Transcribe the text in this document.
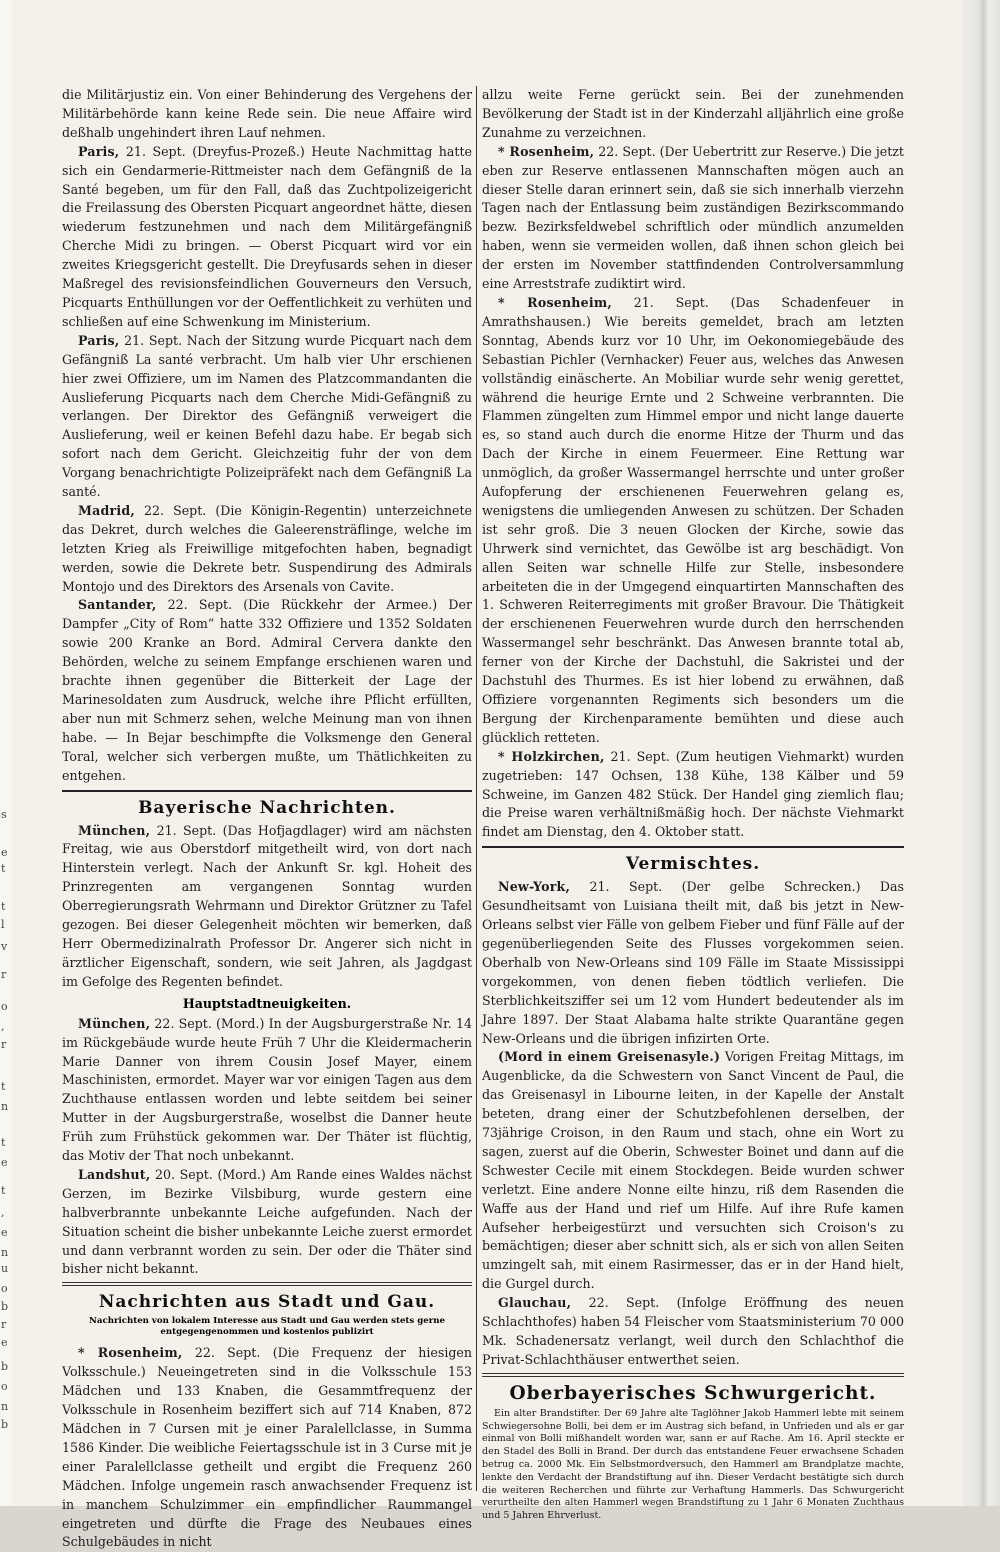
s
e
t
t
l
v
r
o
,
r
t
n
t
e
t
,
e
n
u
o
b
r
e
b
o
n
b

die Militärjustiz ein. Von einer Behinderung des Vergehens der Militärbehörde kann keine Rede sein. Die neue Affaire wird deßhalb ungehindert ihren Lauf nehmen.

Paris, 21. Sept. (Dreyfus-Prozeß.) Heute Nachmittag hatte sich ein Gendarmerie-Rittmeister nach dem Gefängniß de la Santé begeben, um für den Fall, daß das Zuchtpolizeigericht die Freilassung des Obersten Picquart angeordnet hätte, diesen wiederum festzunehmen und nach dem Militärgefängniß Cherche Midi zu bringen. — Oberst Picquart wird vor ein zweites Kriegsgericht gestellt. Die Dreyfusards sehen in dieser Maßregel des revisionsfeindlichen Gouverneurs den Versuch, Picquarts Enthüllungen vor der Oeffentlichkeit zu verhüten und schließen auf eine Schwenkung im Ministerium.

Paris, 21. Sept. Nach der Sitzung wurde Picquart nach dem Gefängniß La santé verbracht. Um halb vier Uhr erschienen hier zwei Offiziere, um im Namen des Platzcommandanten die Auslieferung Picquarts nach dem Cherche Midi-Gefängniß zu verlangen. Der Direktor des Gefängniß verweigert die Auslieferung, weil er keinen Befehl dazu habe. Er begab sich sofort nach dem Gericht. Gleichzeitig fuhr der von dem Vorgang benachrichtigte Polizeipräfekt nach dem Gefängniß La santé.

Madrid, 22. Sept. (Die Königin-Regentin) unterzeichnete das Dekret, durch welches die Galeerensträflinge, welche im letzten Krieg als Freiwillige mitgefochten haben, begnadigt werden, sowie die Dekrete betr. Suspendirung des Admirals Montojo und des Direktors des Arsenals von Cavite.

Santander, 22. Sept. (Die Rückkehr der Armee.) Der Dampfer „City of Rom“ hatte 332 Offiziere und 1352 Soldaten sowie 200 Kranke an Bord. Admiral Cervera dankte den Behörden, welche zu seinem Empfange erschienen waren und brachte ihnen gegenüber die Bitterkeit der Lage der Marinesoldaten zum Ausdruck, welche ihre Pflicht erfüllten, aber nun mit Schmerz sehen, welche Meinung man von ihnen habe. — In Bejar beschimpfte die Volksmenge den General Toral, welcher sich verbergen mußte, um Thätlichkeiten zu entgehen.

Bayerische Nachrichten.

München, 21. Sept. (Das Hofjagdlager) wird am nächsten Freitag, wie aus Oberstdorf mitgetheilt wird, von dort nach Hinterstein verlegt. Nach der Ankunft Sr. kgl. Hoheit des Prinzregenten am vergangenen Sonntag wurden Oberregierungsrath Wehrmann und Direktor Grützner zu Tafel gezogen. Bei dieser Gelegenheit möchten wir bemerken, daß Herr Obermedizinalrath Professor Dr. Angerer sich nicht in ärztlicher Eigenschaft, sondern, wie seit Jahren, als Jagdgast im Gefolge des Regenten befindet.

Hauptstadtneuigkeiten.

München, 22. Sept. (Mord.) In der Augsburgerstraße Nr. 14 im Rückgebäude wurde heute Früh 7 Uhr die Kleidermacherin Marie Danner von ihrem Cousin Josef Mayer, einem Maschinisten, ermordet. Mayer war vor einigen Tagen aus dem Zuchthause entlassen worden und lebte seitdem bei seiner Mutter in der Augsburgerstraße, woselbst die Danner heute Früh zum Frühstück gekommen war. Der Thäter ist flüchtig, das Motiv der That noch unbekannt.

Landshut, 20. Sept. (Mord.) Am Rande eines Waldes nächst Gerzen, im Bezirke Vilsbiburg, wurde gestern eine halbverbrannte unbekannte Leiche aufgefunden. Nach der Situation scheint die bisher unbekannte Leiche zuerst ermordet und dann verbrannt worden zu sein. Der oder die Thäter sind bisher nicht bekannt.

Nachrichten aus Stadt und Gau.
Nachrichten von lokalem Interesse aus Stadt und Gau werden stets gerne entgegengenommen und kostenlos publizirt

* Rosenheim, 22. Sept. (Die Frequenz der hiesigen Volksschule.) Neueingetreten sind in die Volksschule 153 Mädchen und 133 Knaben, die Gesammtfrequenz der Volksschule in Rosenheim beziffert sich auf 714 Knaben, 872 Mädchen in 7 Cursen mit je einer Paralellclasse, in Summa 1586 Kinder. Die weibliche Feiertagsschule ist in 3 Curse mit je einer Paralellclasse getheilt und ergibt die Frequenz 260 Mädchen. Infolge ungemein rasch anwachsender Frequenz ist in manchem Schulzimmer ein empfindlicher Raummangel eingetreten und dürfte die Frage des Neubaues eines Schulgebäudes in nicht

allzu weite Ferne gerückt sein. Bei der zunehmenden Bevölkerung der Stadt ist in der Kinderzahl alljährlich eine große Zunahme zu verzeichnen.

* Rosenheim, 22. Sept. (Der Uebertritt zur Reserve.) Die jetzt eben zur Reserve entlassenen Mannschaften mögen auch an dieser Stelle daran erinnert sein, daß sie sich innerhalb vierzehn Tagen nach der Entlassung beim zuständigen Bezirkscommando bezw. Bezirksfeldwebel schriftlich oder mündlich anzumelden haben, wenn sie vermeiden wollen, daß ihnen schon gleich bei der ersten im November stattfindenden Controlversammlung eine Arreststrafe zudiktirt wird.

* Rosenheim, 21. Sept. (Das Schadenfeuer in Amrathshausen.) Wie bereits gemeldet, brach am letzten Sonntag, Abends kurz vor 10 Uhr, im Oekonomiegebäude des Sebastian Pichler (Vernhacker) Feuer aus, welches das Anwesen vollständig einäscherte. An Mobiliar wurde sehr wenig gerettet, während die heurige Ernte und 2 Schweine verbrannten. Die Flammen züngelten zum Himmel empor und nicht lange dauerte es, so stand auch durch die enorme Hitze der Thurm und das Dach der Kirche in einem Feuermeer. Eine Rettung war unmöglich, da großer Wassermangel herrschte und unter großer Aufopferung der erschienenen Feuerwehren gelang es, wenigstens die umliegenden Anwesen zu schützen. Der Schaden ist sehr groß. Die 3 neuen Glocken der Kirche, sowie das Uhrwerk sind vernichtet, das Gewölbe ist arg beschädigt. Von allen Seiten war schnelle Hilfe zur Stelle, insbesondere arbeiteten die in der Umgegend einquartirten Mannschaften des 1. Schweren Reiterregiments mit großer Bravour. Die Thätigkeit der erschienenen Feuerwehren wurde durch den herrschenden Wassermangel sehr beschränkt. Das Anwesen brannte total ab, ferner von der Kirche der Dachstuhl, die Sakristei und der Dachstuhl des Thurmes. Es ist hier lobend zu erwähnen, daß Offiziere vorgenannten Regiments sich besonders um die Bergung der Kirchenparamente bemühten und diese auch glücklich retteten.

* Holzkirchen, 21. Sept. (Zum heutigen Viehmarkt) wurden zugetrieben: 147 Ochsen, 138 Kühe, 138 Kälber und 59 Schweine, im Ganzen 482 Stück. Der Handel ging ziemlich flau; die Preise waren verhältnißmäßig hoch. Der nächste Viehmarkt findet am Dienstag, den 4. Oktober statt.

Vermischtes.

New-York, 21. Sept. (Der gelbe Schrecken.) Das Gesundheitsamt von Luisiana theilt mit, daß bis jetzt in New-Orleans selbst vier Fälle von gelbem Fieber und fünf Fälle auf der gegenüberliegenden Seite des Flusses vorgekommen seien. Oberhalb von New-Orleans sind 109 Fälle im Staate Mississippi vorgekommen, von denen fieben tödtlich verliefen. Die Sterblichkeitsziffer sei um 12 vom Hundert bedeutender als im Jahre 1897. Der Staat Alabama halte strikte Quarantäne gegen New-Orleans und die übrigen infizirten Orte.

(Mord in einem Greisenasyle.) Vorigen Freitag Mittags, im Augenblicke, da die Schwestern von Sanct Vincent de Paul, die das Greisenasyl in Libourne leiten, in der Kapelle der Anstalt beteten, drang einer der Schutzbefohlenen derselben, der 73jährige Croison, in den Raum und stach, ohne ein Wort zu sagen, zuerst auf die Oberin, Schwester Boinet und dann auf die Schwester Cecile mit einem Stockdegen. Beide wurden schwer verletzt. Eine andere Nonne eilte hinzu, riß dem Rasenden die Waffe aus der Hand und rief um Hilfe. Auf ihre Rufe kamen Aufseher herbeigestürzt und versuchten sich Croison's zu bemächtigen; dieser aber schnitt sich, als er sich von allen Seiten umzingelt sah, mit einem Rasirmesser, das er in der Hand hielt, die Gurgel durch.

Glauchau, 22. Sept. (Infolge Eröffnung des neuen Schlachthofes) haben 54 Fleischer vom Staatsministerium 70 000 Mk. Schadenersatz verlangt, weil durch den Schlachthof die Privat-Schlachthäuser entwerthet seien.

Oberbayerisches Schwurgericht.

Ein alter Brandstifter. Der 69 Jahre alte Taglöhner Jakob Hammerl lebte mit seinem Schwiegersohne Bolli, bei dem er im Austrag sich befand, in Unfrieden und als er gar einmal von Bolli mißhandelt worden war, sann er auf Rache. Am 16. April steckte er den Stadel des Bolli in Brand. Der durch das entstandene Feuer erwachsene Schaden betrug ca. 2000 Mk. Ein Selbstmordversuch, den Hammerl am Brandplatze machte, lenkte den Verdacht der Brandstiftung auf ihn. Dieser Verdacht bestätigte sich durch die weiteren Recherchen und führte zur Verhaftung Hammerls. Das Schwurgericht verurtheilte den alten Hammerl wegen Brandstiftung zu 1 Jahr 6 Monaten Zuchthaus und 5 Jahren Ehrverlust.
